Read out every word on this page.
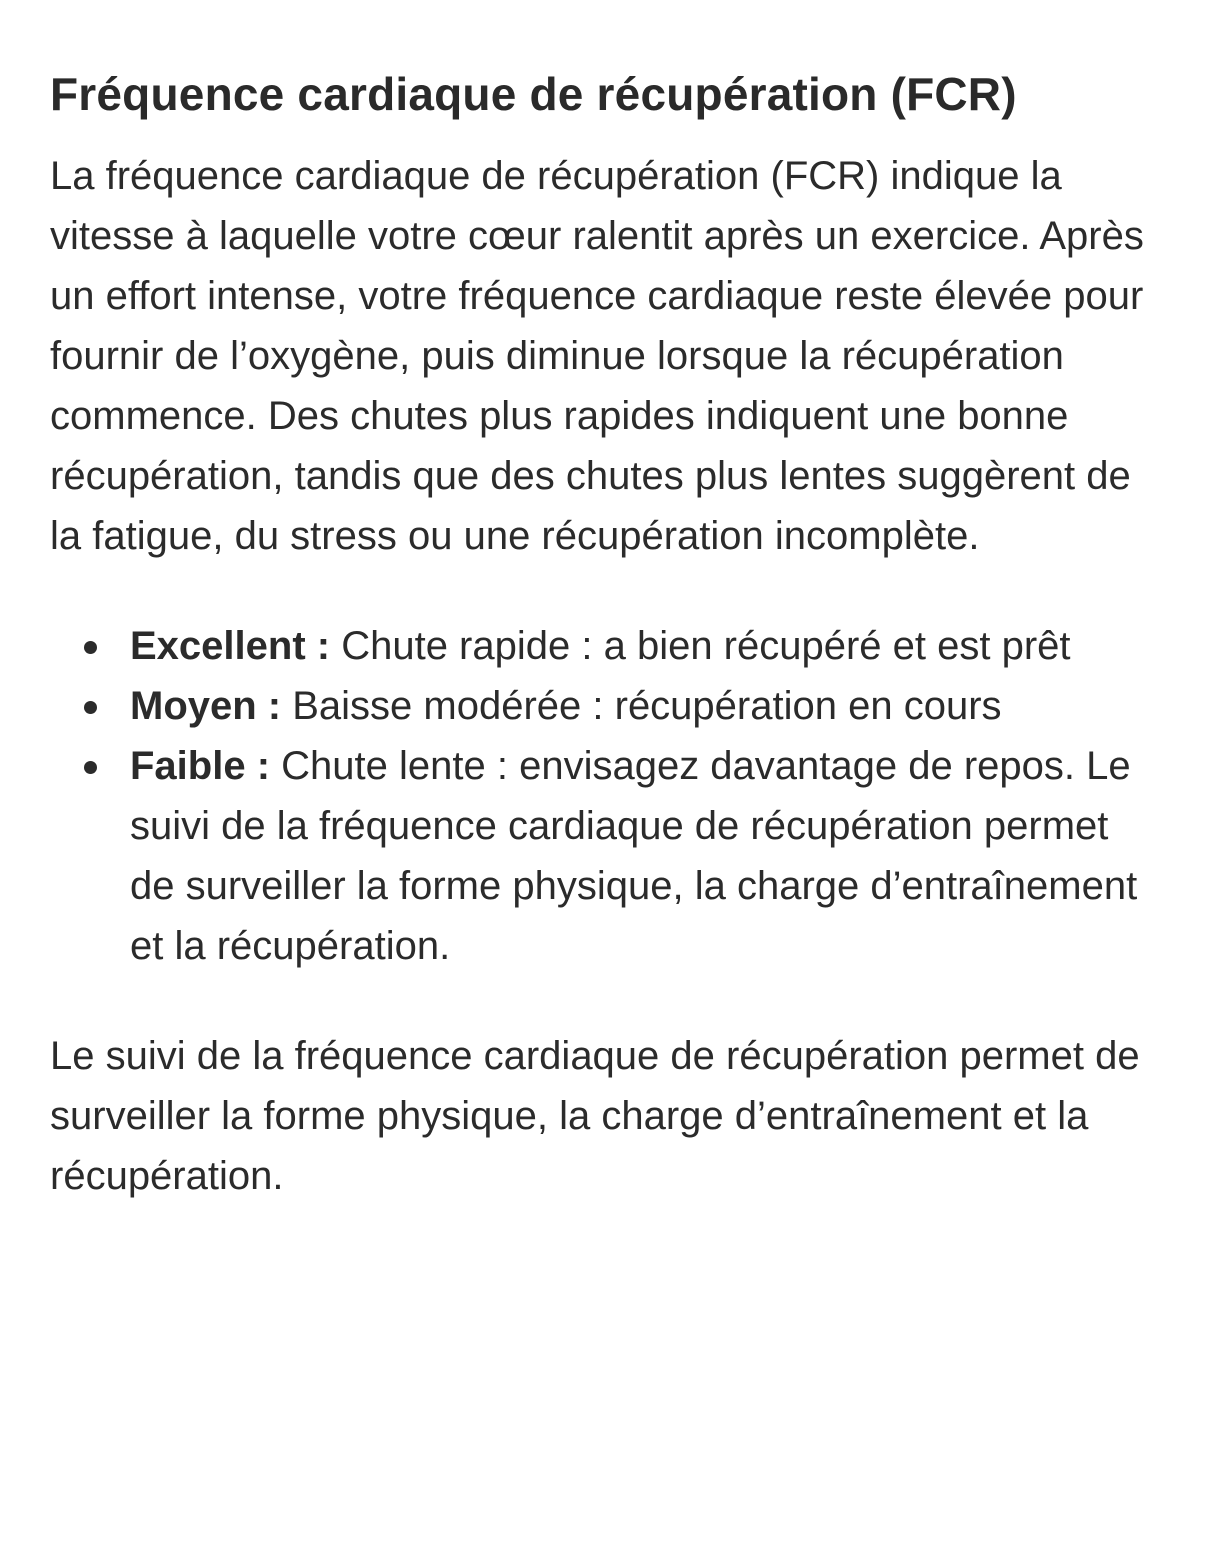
Fréquence cardiaque de récupération (FCR)

La fréquence cardiaque de récupération (FCR) indique la vitesse à laquelle votre cœur ralentit après un exercice. Après un effort intense, votre fréquence cardiaque reste élevée pour fournir de l’oxygène, puis diminue lorsque la récupération commence. Des chutes plus rapides indiquent une bonne récupération, tandis que des chutes plus lentes suggèrent de la fatigue, du stress ou une récupération incomplète.

Excellent : Chute rapide : a bien récupéré et est prêt
Moyen : Baisse modérée : récupération en cours
Faible : Chute lente : envisagez davantage de repos. Le suivi de la fréquence cardiaque de récupération permet de surveiller la forme physique, la charge d’entraînement et la récupération.

Le suivi de la fréquence cardiaque de récupération permet de surveiller la forme physique, la charge d’entraînement et la récupération.
